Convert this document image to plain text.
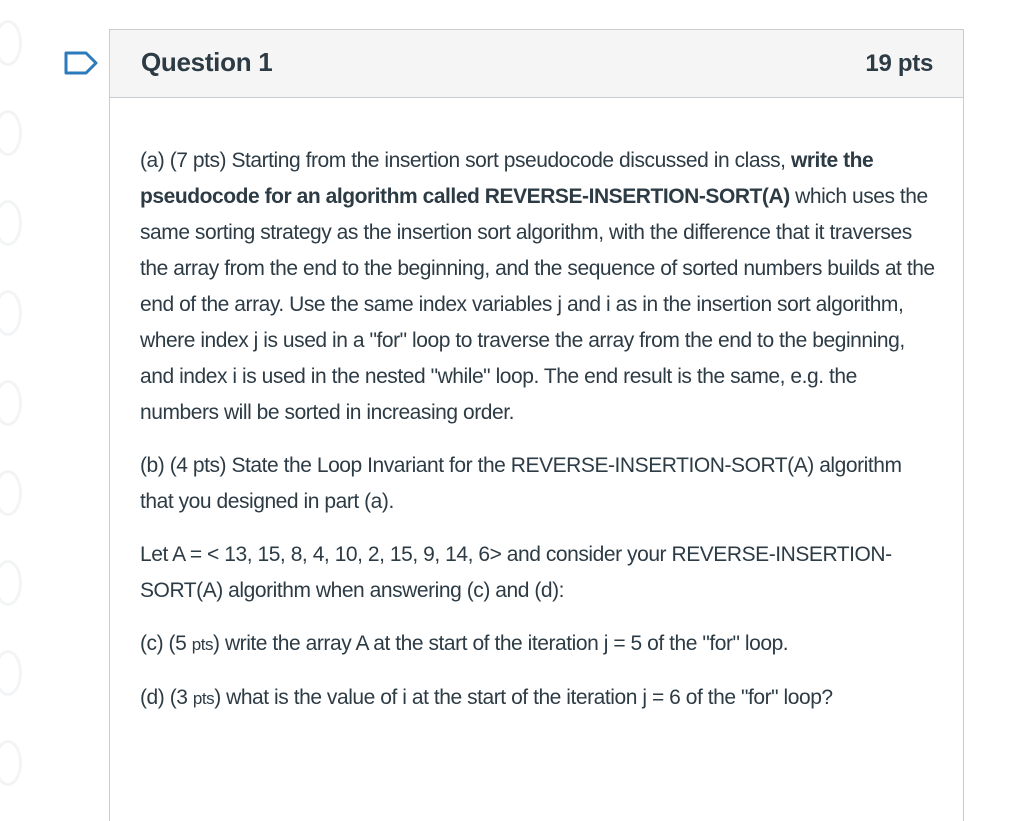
Question 1	19 pts

(a) (7 pts) Starting from the insertion sort pseudocode discussed in class, write the pseudocode for an algorithm called REVERSE-INSERTION-SORT(A) which uses the same sorting strategy as the insertion sort algorithm, with the difference that it traverses the array from the end to the beginning, and the sequence of sorted numbers builds at the end of the array. Use the same index variables j and i as in the insertion sort algorithm, where index j is used in a "for" loop to traverse the array from the end to the beginning, and index i is used in the nested "while" loop. The end result is the same, e.g. the numbers will be sorted in increasing order.

(b) (4 pts) State the Loop Invariant for the REVERSE-INSERTION-SORT(A) algorithm that you designed in part (a).

Let A = < 13, 15, 8, 4, 10, 2, 15, 9, 14, 6> and consider your REVERSE-INSERTION-SORT(A) algorithm when answering (c) and (d):

(c) (5 pts) write the array A at the start of the iteration j = 5 of the "for" loop.

(d) (3 pts) what is the value of i at the start of the iteration j = 6 of the "for" loop?
